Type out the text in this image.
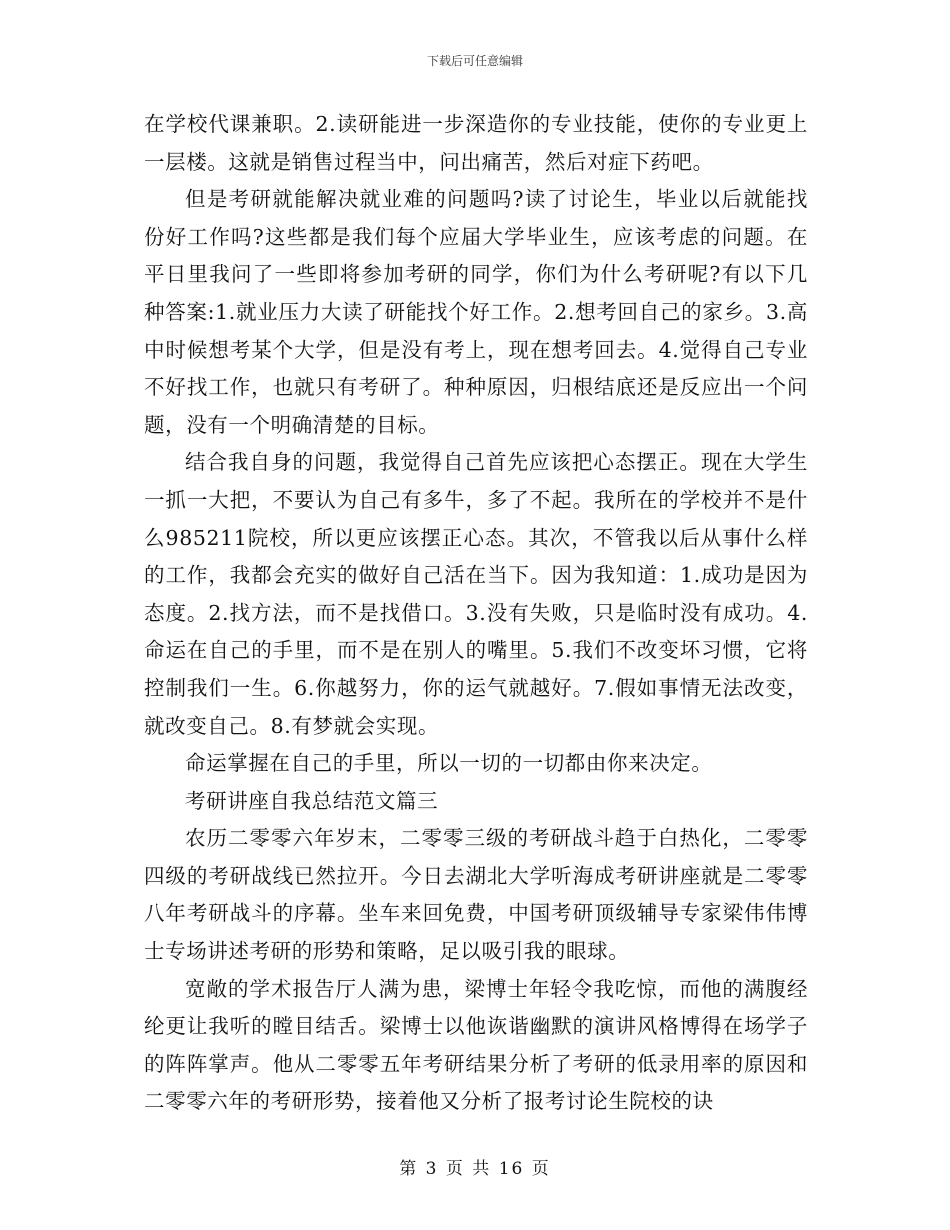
下载后可任意编辑

在学校代课兼职。2.读研能进一步深造你的专业技能，使你的专业更上一层楼。这就是销售过程当中，问出痛苦，然后对症下药吧。

但是考研就能解决就业难的问题吗?读了讨论生，毕业以后就能找份好工作吗?这些都是我们每个应届大学毕业生，应该考虑的问题。在平日里我问了一些即将参加考研的同学，你们为什么考研呢?有以下几种答案:1.就业压力大读了研能找个好工作。2.想考回自己的家乡。3.高中时候想考某个大学，但是没有考上，现在想考回去。4.觉得自己专业不好找工作，也就只有考研了。种种原因，归根结底还是反应出一个问题，没有一个明确清楚的目标。

结合我自身的问题，我觉得自己首先应该把心态摆正。现在大学生一抓一大把，不要认为自己有多牛，多了不起。我所在的学校并不是什么985211院校，所以更应该摆正心态。其次，不管我以后从事什么样的工作，我都会充实的做好自己活在当下。因为我知道：1.成功是因为态度。2.找方法，而不是找借口。3.没有失败，只是临时没有成功。4.命运在自己的手里，而不是在别人的嘴里。5.我们不改变坏习惯，它将控制我们一生。6.你越努力，你的运气就越好。7.假如事情无法改变，就改变自己。8.有梦就会实现。

命运掌握在自己的手里，所以一切的一切都由你来决定。

考研讲座自我总结范文篇三

农历二零零六年岁末，二零零三级的考研战斗趋于白热化，二零零四级的考研战线已然拉开。今日去湖北大学听海成考研讲座就是二零零八年考研战斗的序幕。坐车来回免费，中国考研顶级辅导专家梁伟伟博士专场讲述考研的形势和策略，足以吸引我的眼球。

宽敞的学术报告厅人满为患，梁博士年轻令我吃惊，而他的满腹经纶更让我听的瞠目结舌。梁博士以他诙谐幽默的演讲风格博得在场学子的阵阵掌声。他从二零零五年考研结果分析了考研的低录用率的原因和二零零六年的考研形势，接着他又分析了报考讨论生院校的诀

第 3 页 共 16 页
